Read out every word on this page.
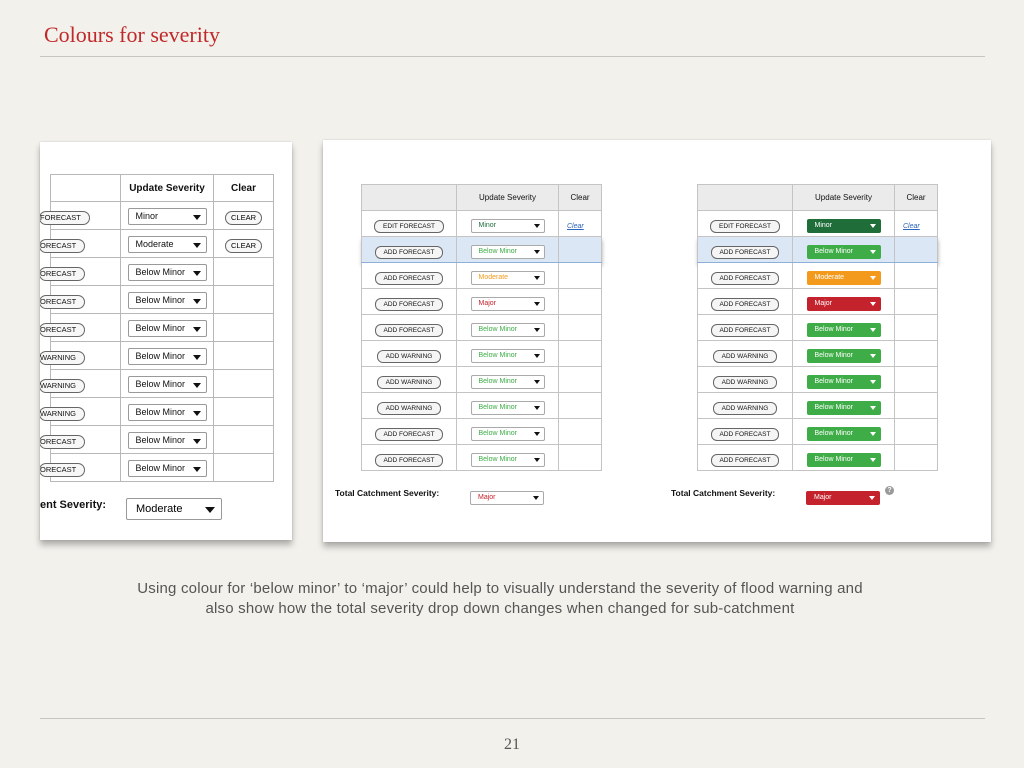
Colours for severity
	Update Severity	Clear
FORECAST	Minor	CLEAR
ORECAST	Moderate	CLEAR
ORECAST	Below Minor

ORECAST	Below Minor

ORECAST	Below Minor

WARNING	Below Minor

WARNING	Below Minor

WARNING	Below Minor

ORECAST	Below Minor

ORECAST	Below Minor

ent Severity:	Moderate
	Update Severity	Clear
EDIT FORECAST	Minor	Clear
ADD FORECAST	Below Minor

ADD FORECAST	Moderate

ADD FORECAST	Major

ADD FORECAST	Below Minor

ADD WARNING	Below Minor

ADD WARNING	Below Minor

ADD WARNING	Below Minor

ADD FORECAST	Below Minor

ADD FORECAST	Below Minor

Total Catchment Severity:	Major
	Update Severity	Clear
EDIT FORECAST	Minor	Clear
ADD FORECAST	Below Minor

ADD FORECAST	Moderate

ADD FORECAST	Major

ADD FORECAST	Below Minor

ADD WARNING	Below Minor

ADD WARNING	Below Minor

ADD WARNING	Below Minor

ADD FORECAST	Below Minor

ADD FORECAST	Below Minor

Total Catchment Severity:	Major
?
Using colour for ‘below minor’ to ‘major’ could help to visually understand the severity of flood warning and
also show how the total severity drop down changes when changed for sub-catchment
21
